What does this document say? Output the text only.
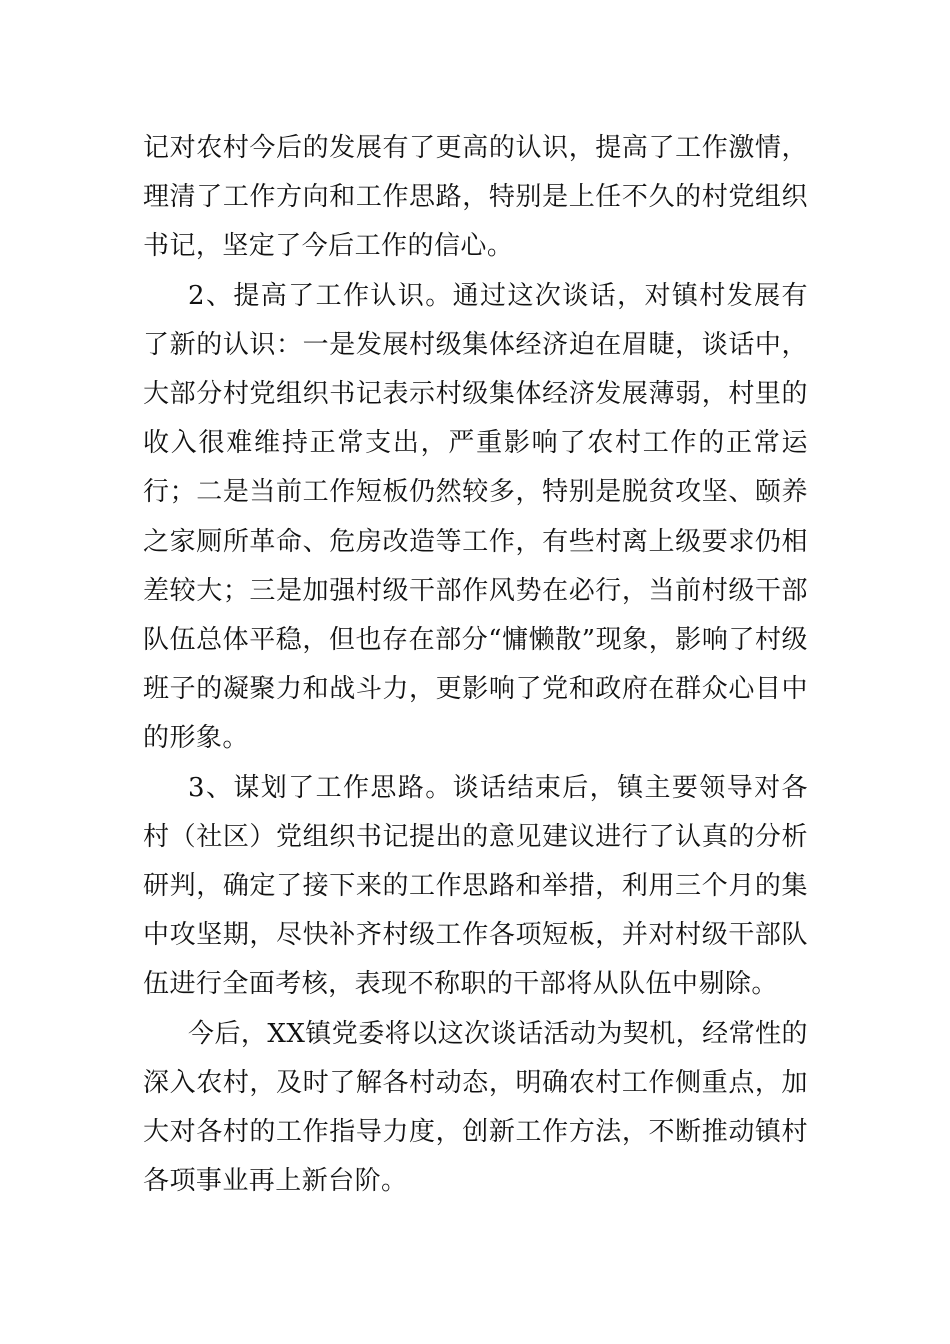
记对农村今后的发展有了更高的认识，提高了工作激情，理清了工作方向和工作思路，特别是上任不久的村党组织书记，坚定了今后工作的信心。

2、提高了工作认识。通过这次谈话，对镇村发展有了新的认识：一是发展村级集体经济迫在眉睫，谈话中，大部分村党组织书记表示村级集体经济发展薄弱，村里的收入很难维持正常支出，严重影响了农村工作的正常运行；二是当前工作短板仍然较多，特别是脱贫攻坚、颐养之家厕所革命、危房改造等工作，有些村离上级要求仍相差较大；三是加强村级干部作风势在必行，当前村级干部队伍总体平稳，但也存在部分“慵懒散”现象，影响了村级班子的凝聚力和战斗力，更影响了党和政府在群众心目中的形象。

3、谋划了工作思路。谈话结束后，镇主要领导对各村（社区）党组织书记提出的意见建议进行了认真的分析研判，确定了接下来的工作思路和举措，利用三个月的集中攻坚期，尽快补齐村级工作各项短板，并对村级干部队伍进行全面考核，表现不称职的干部将从队伍中剔除。

今后，XX镇党委将以这次谈话活动为契机，经常性的深入农村，及时了解各村动态，明确农村工作侧重点，加大对各村的工作指导力度，创新工作方法，不断推动镇村各项事业再上新台阶。
